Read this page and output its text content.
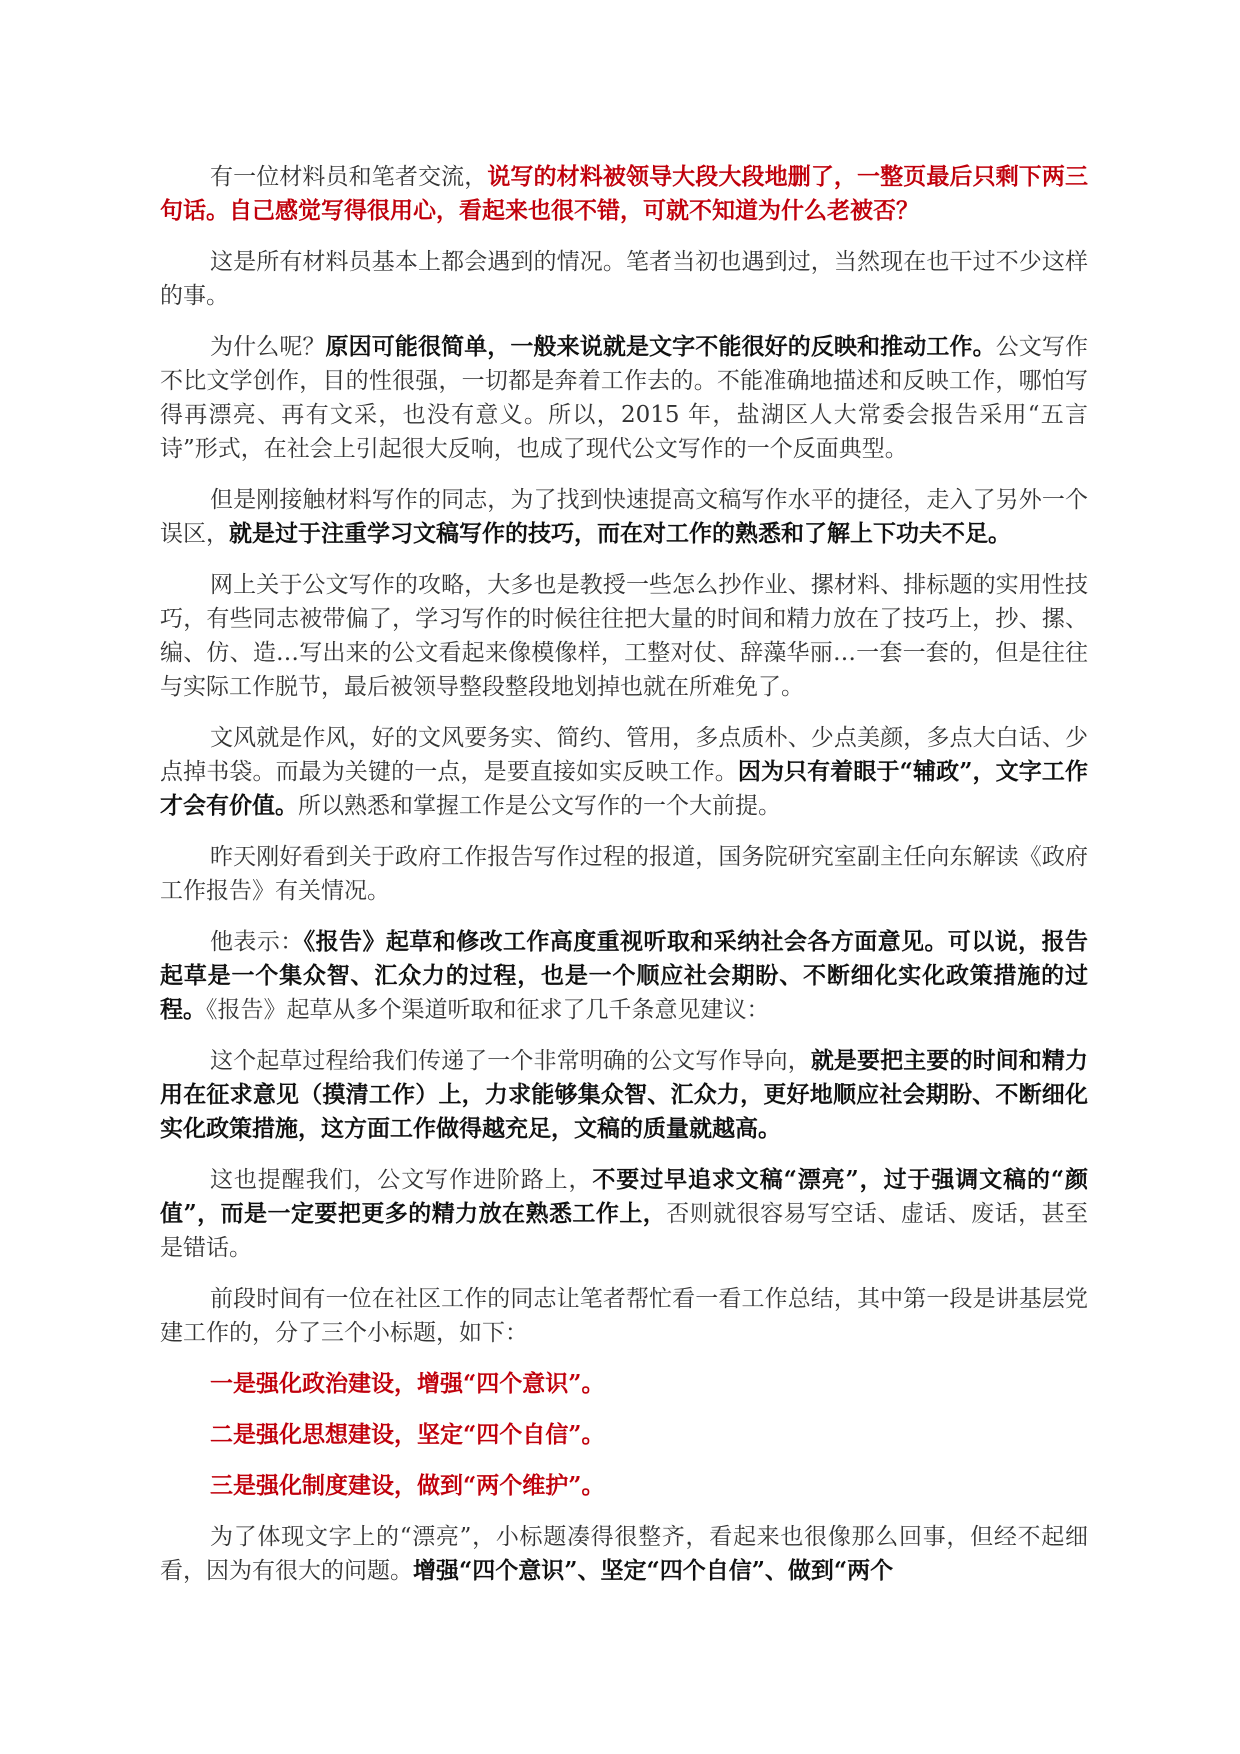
有一位材料员和笔者交流，说写的材料被领导大段大段地删了，一整页最后只剩下两三句话。自己感觉写得很用心，看起来也很不错，可就不知道为什么老被否？

这是所有材料员基本上都会遇到的情况。笔者当初也遇到过，当然现在也干过不少这样的事。

为什么呢？原因可能很简单，一般来说就是文字不能很好的反映和推动工作。公文写作不比文学创作，目的性很强，一切都是奔着工作去的。不能准确地描述和反映工作，哪怕写得再漂亮、再有文采，也没有意义。所以，2015 年，盐湖区人大常委会报告采用“五言诗”形式，在社会上引起很大反响，也成了现代公文写作的一个反面典型。

但是刚接触材料写作的同志，为了找到快速提高文稿写作水平的捷径，走入了另外一个误区，就是过于注重学习文稿写作的技巧，而在对工作的熟悉和了解上下功夫不足。

网上关于公文写作的攻略，大多也是教授一些怎么抄作业、摞材料、排标题的实用性技巧，有些同志被带偏了，学习写作的时候往往把大量的时间和精力放在了技巧上，抄、摞、编、仿、造…写出来的公文看起来像模像样，工整对仗、辞藻华丽…一套一套的，但是往往与实际工作脱节，最后被领导整段整段地划掉也就在所难免了。

文风就是作风，好的文风要务实、简约、管用，多点质朴、少点美颜，多点大白话、少点掉书袋。而最为关键的一点，是要直接如实反映工作。因为只有着眼于“辅政”，文字工作才会有价值。所以熟悉和掌握工作是公文写作的一个大前提。

昨天刚好看到关于政府工作报告写作过程的报道，国务院研究室副主任向东解读《政府工作报告》有关情况。

他表示：《报告》起草和修改工作高度重视听取和采纳社会各方面意见。可以说，报告起草是一个集众智、汇众力的过程，也是一个顺应社会期盼、不断细化实化政策措施的过程。《报告》起草从多个渠道听取和征求了几千条意见建议：

这个起草过程给我们传递了一个非常明确的公文写作导向，就是要把主要的时间和精力用在征求意见（摸清工作）上，力求能够集众智、汇众力，更好地顺应社会期盼、不断细化实化政策措施，这方面工作做得越充足，文稿的质量就越高。

这也提醒我们，公文写作进阶路上，不要过早追求文稿“漂亮”，过于强调文稿的“颜值”，而是一定要把更多的精力放在熟悉工作上，否则就很容易写空话、虚话、废话，甚至是错话。

前段时间有一位在社区工作的同志让笔者帮忙看一看工作总结，其中第一段是讲基层党建工作的，分了三个小标题，如下：

一是强化政治建设，增强“四个意识”。

二是强化思想建设，坚定“四个自信”。

三是强化制度建设，做到“两个维护”。

为了体现文字上的“漂亮”，小标题凑得很整齐，看起来也很像那么回事，但经不起细看，因为有很大的问题。增强“四个意识”、坚定“四个自信”、做到“两个
